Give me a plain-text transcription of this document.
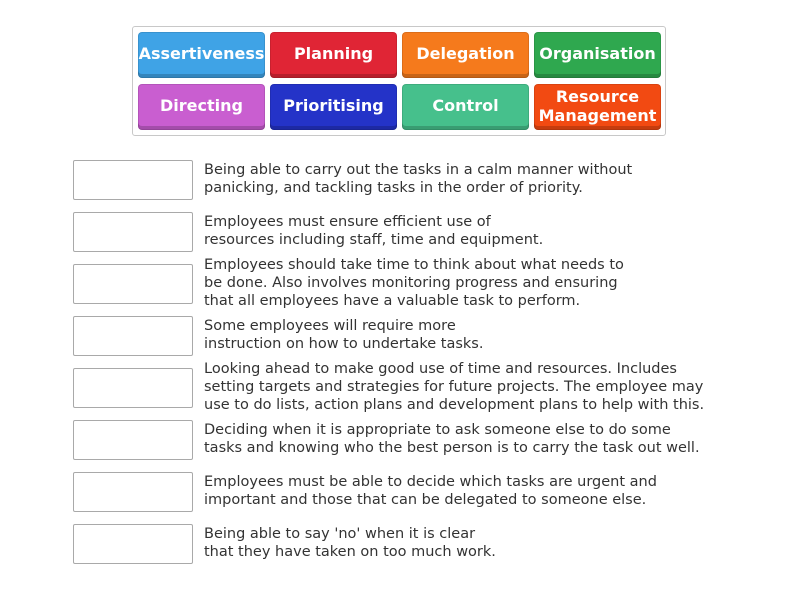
Assertiveness	Planning	Delegation	Organisation
Directing	Prioritising	Control	Resource
Management
Being able to carry out the tasks in a calm manner without
panicking, and tackling tasks in the order of priority.
Employees must ensure efficient use of
resources including staff, time and equipment.
Employees should take time to think about what needs to
be done. Also involves monitoring progress and ensuring
that all employees have a valuable task to perform.
Some employees will require more
instruction on how to undertake tasks.
Looking ahead to make good use of time and resources. Includes
setting targets and strategies for future projects. The employee may
use to do lists, action plans and development plans to help with this.
Deciding when it is appropriate to ask someone else to do some
tasks and knowing who the best person is to carry the task out well.
Employees must be able to decide which tasks are urgent and
important and those that can be delegated to someone else.
Being able to say 'no' when it is clear
that they have taken on too much work.
